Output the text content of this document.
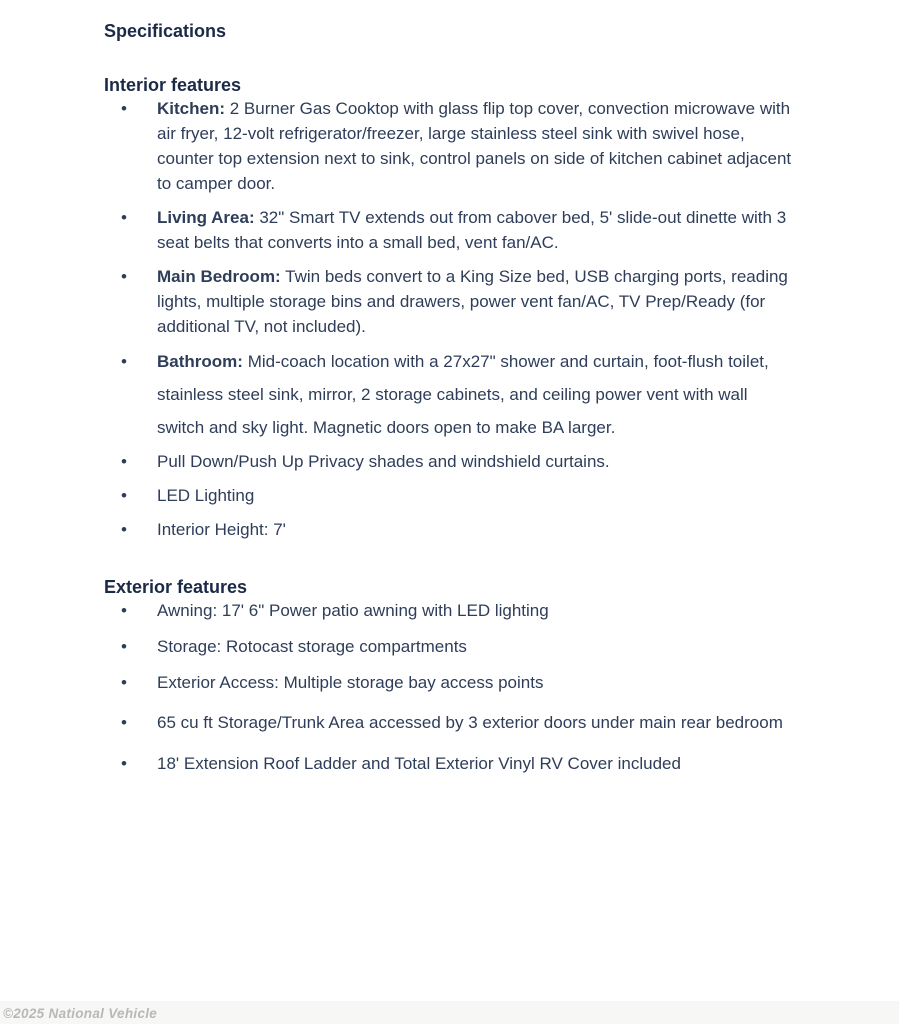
Specifications
Interior features
• Kitchen: 2 Burner Gas Cooktop with glass flip top cover, convection microwave with air fryer, 12-volt refrigerator/freezer, large stainless steel sink with swivel hose, counter top extension next to sink, control panels on side of kitchen cabinet adjacent to camper door.
• Living Area: 32" Smart TV extends out from cabover bed, 5' slide-out dinette with 3 seat belts that converts into a small bed, vent fan/AC.
• Main Bedroom: Twin beds convert to a King Size bed, USB charging ports, reading lights, multiple storage bins and drawers, power vent fan/AC, TV Prep/Ready (for additional TV, not included).
• Bathroom: Mid-coach location with a 27x27" shower and curtain, foot-flush toilet, stainless steel sink, mirror, 2 storage cabinets, and ceiling power vent with wall switch and sky light. Magnetic doors open to make BA larger.
• Pull Down/Push Up Privacy shades and windshield curtains.
• LED Lighting
• Interior Height: 7'
Exterior features
• Awning: 17' 6" Power patio awning with LED lighting
• Storage: Rotocast storage compartments
• Exterior Access: Multiple storage bay access points
• 65 cu ft Storage/Trunk Area accessed by 3 exterior doors under main rear bedroom
• 18' Extension Roof Ladder and Total Exterior Vinyl RV Cover included
©2025 National Vehicle
